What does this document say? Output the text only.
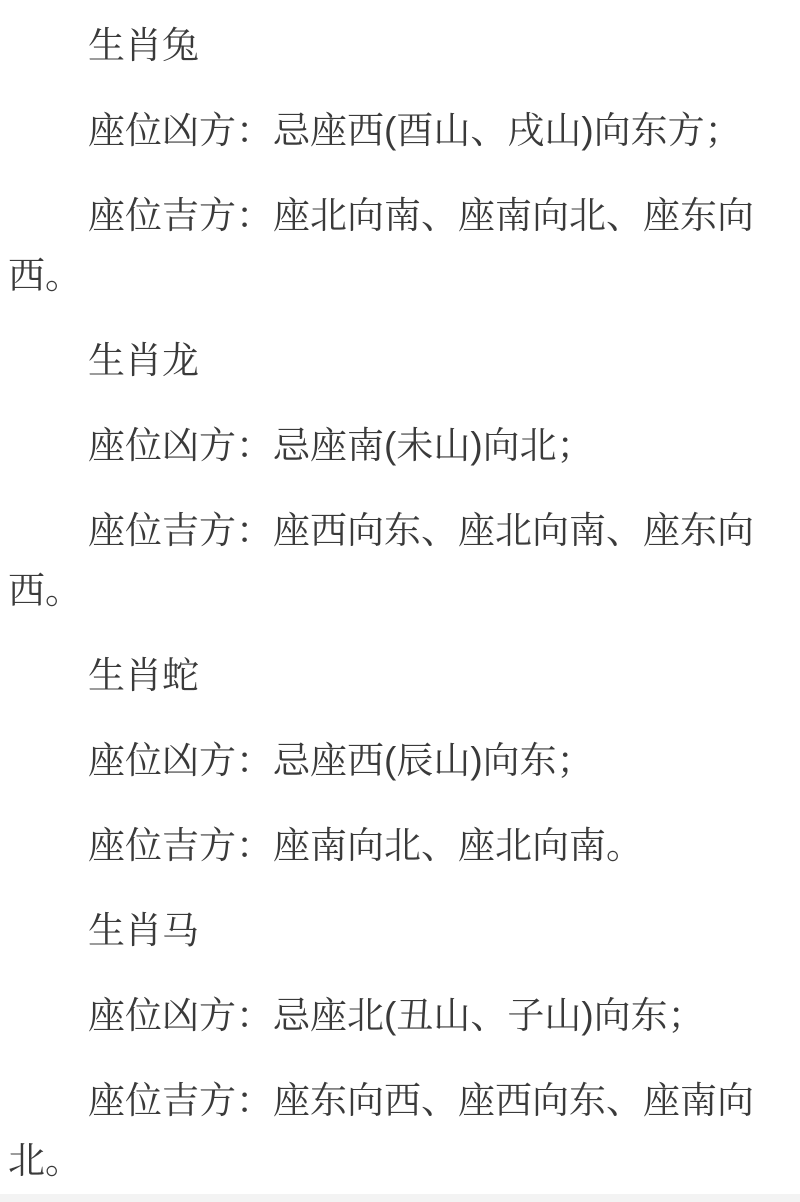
生肖兔

座位凶方：忌座西(酉山、戌山)向东方；

座位吉方：座北向南、座南向北、座东向西。

生肖龙

座位凶方：忌座南(未山)向北；

座位吉方：座西向东、座北向南、座东向西。

生肖蛇

座位凶方：忌座西(辰山)向东；

座位吉方：座南向北、座北向南。

生肖马

座位凶方：忌座北(丑山、子山)向东；

座位吉方：座东向西、座西向东、座南向北。
